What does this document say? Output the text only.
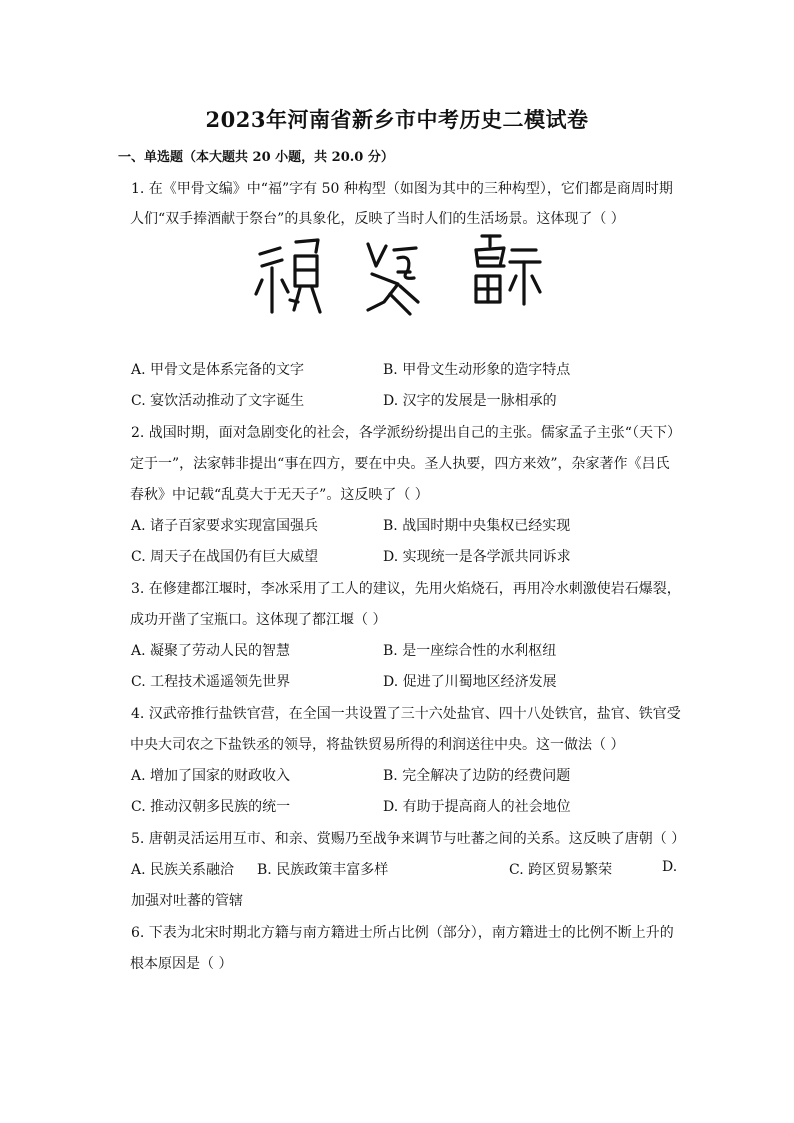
2023年河南省新乡市中考历史二模试卷
一、单选题（本大题共 20 小题，共 20.0 分）
1. 在《甲骨文编》中“福”字有 50 种构型（如图为其中的三种构型），它们都是商周时期
人们“双手捧酒献于祭台”的具象化，反映了当时人们的生活场景。这体现了（ ）
A. 甲骨文是体系完备的文字	B. 甲骨文生动形象的造字特点
C. 宴饮活动推动了文字诞生	D. 汉字的发展是一脉相承的
2. 战国时期，面对急剧变化的社会，各学派纷纷提出自己的主张。儒家孟子主张“（天下）
定于一”，法家韩非提出“事在四方，要在中央。圣人执要，四方来效”，杂家著作《吕氏
春秋》中记载“乱莫大于无天子”。这反映了（ ）
A. 诸子百家要求实现富国强兵	B. 战国时期中央集权已经实现
C. 周天子在战国仍有巨大威望	D. 实现统一是各学派共同诉求
3. 在修建都江堰时，李冰采用了工人的建议，先用火焰烧石，再用冷水刺激使岩石爆裂，
成功开凿了宝瓶口。这体现了都江堰（ ）
A. 凝聚了劳动人民的智慧	B. 是一座综合性的水利枢纽
C. 工程技术遥遥领先世界	D. 促进了川蜀地区经济发展
4. 汉武帝推行盐铁官营，在全国一共设置了三十六处盐官、四十八处铁官，盐官、铁官受
中央大司农之下盐铁丞的领导，将盐铁贸易所得的利润送往中央。这一做法（ ）
A. 增加了国家的财政收入	B. 完全解决了边防的经费问题
C. 推动汉朝多民族的统一	D. 有助于提高商人的社会地位
5. 唐朝灵活运用互市、和亲、赏赐乃至战争来调节与吐蕃之间的关系。这反映了唐朝（ ）
A. 民族关系融洽 B. 民族政策丰富多样	C. 跨区贸易繁荣	D.
加强对吐蕃的管辖
6. 下表为北宋时期北方籍与南方籍进士所占比例（部分），南方籍进士的比例不断上升的
根本原因是（ ）
